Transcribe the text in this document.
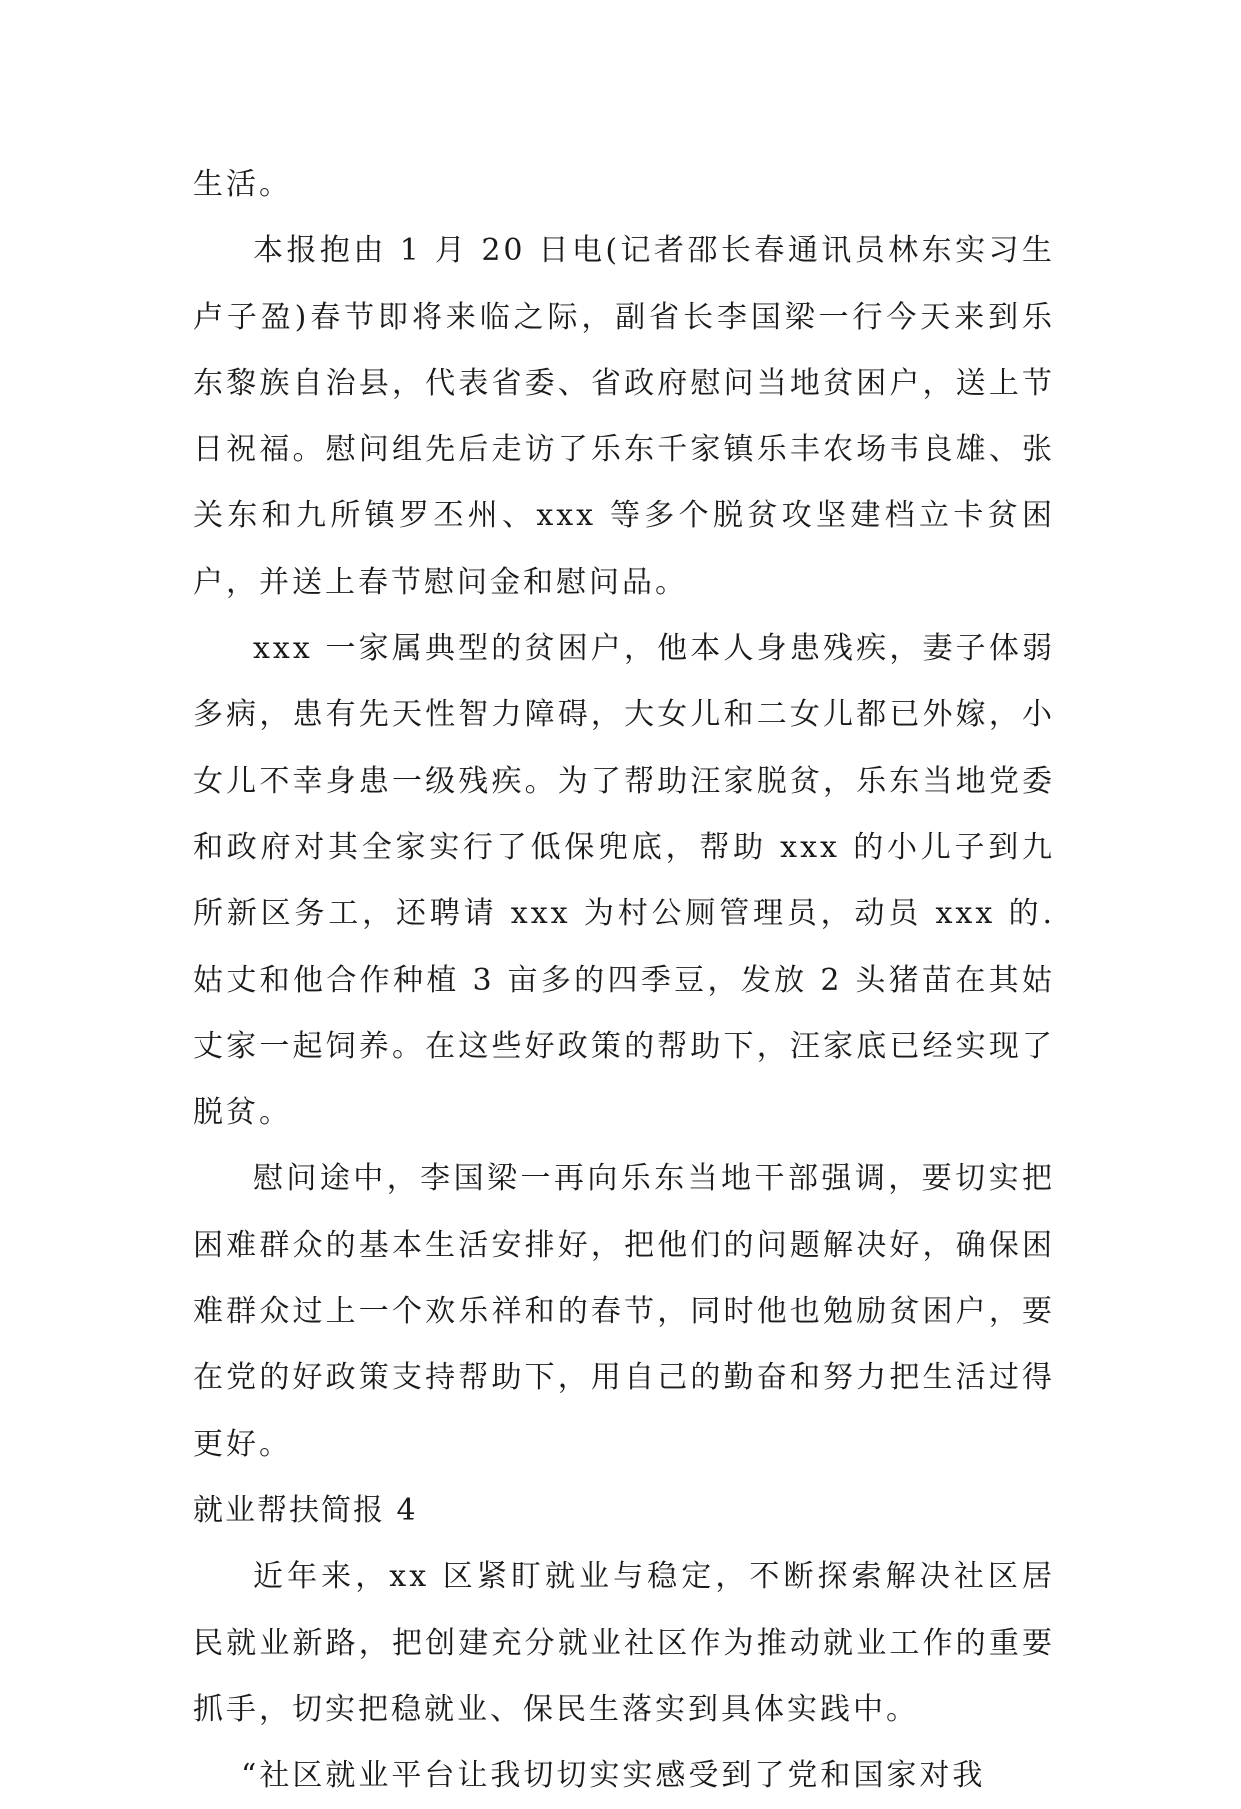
生活。

本报抱由 1 月 20 日电(记者邵长春通讯员林东实习生卢子盈)春节即将来临之际，副省长李国梁一行今天来到乐东黎族自治县，代表省委、省政府慰问当地贫困户，送上节日祝福。慰问组先后走访了乐东千家镇乐丰农场韦良雄、张关东和九所镇罗丕州、xxx 等多个脱贫攻坚建档立卡贫困户，并送上春节慰问金和慰问品。

xxx 一家属典型的贫困户，他本人身患残疾，妻子体弱多病，患有先天性智力障碍，大女儿和二女儿都已外嫁，小女儿不幸身患一级残疾。为了帮助汪家脱贫，乐东当地党委和政府对其全家实行了低保兜底，帮助 xxx 的小儿子到九所新区务工，还聘请 xxx 为村公厕管理员，动员 xxx 的.姑丈和他合作种植 3 亩多的四季豆，发放 2 头猪苗在其姑丈家一起饲养。在这些好政策的帮助下，汪家底已经实现了脱贫。

慰问途中，李国梁一再向乐东当地干部强调，要切实把困难群众的基本生活安排好，把他们的问题解决好，确保困难群众过上一个欢乐祥和的春节，同时他也勉励贫困户，要在党的好政策支持帮助下，用自己的勤奋和努力把生活过得更好。

就业帮扶简报 4

近年来，xx 区紧盯就业与稳定，不断探索解决社区居民就业新路，把创建充分就业社区作为推动就业工作的重要抓手，切实把稳就业、保民生落实到具体实践中。

“社区就业平台让我切切实实感受到了党和国家对我
